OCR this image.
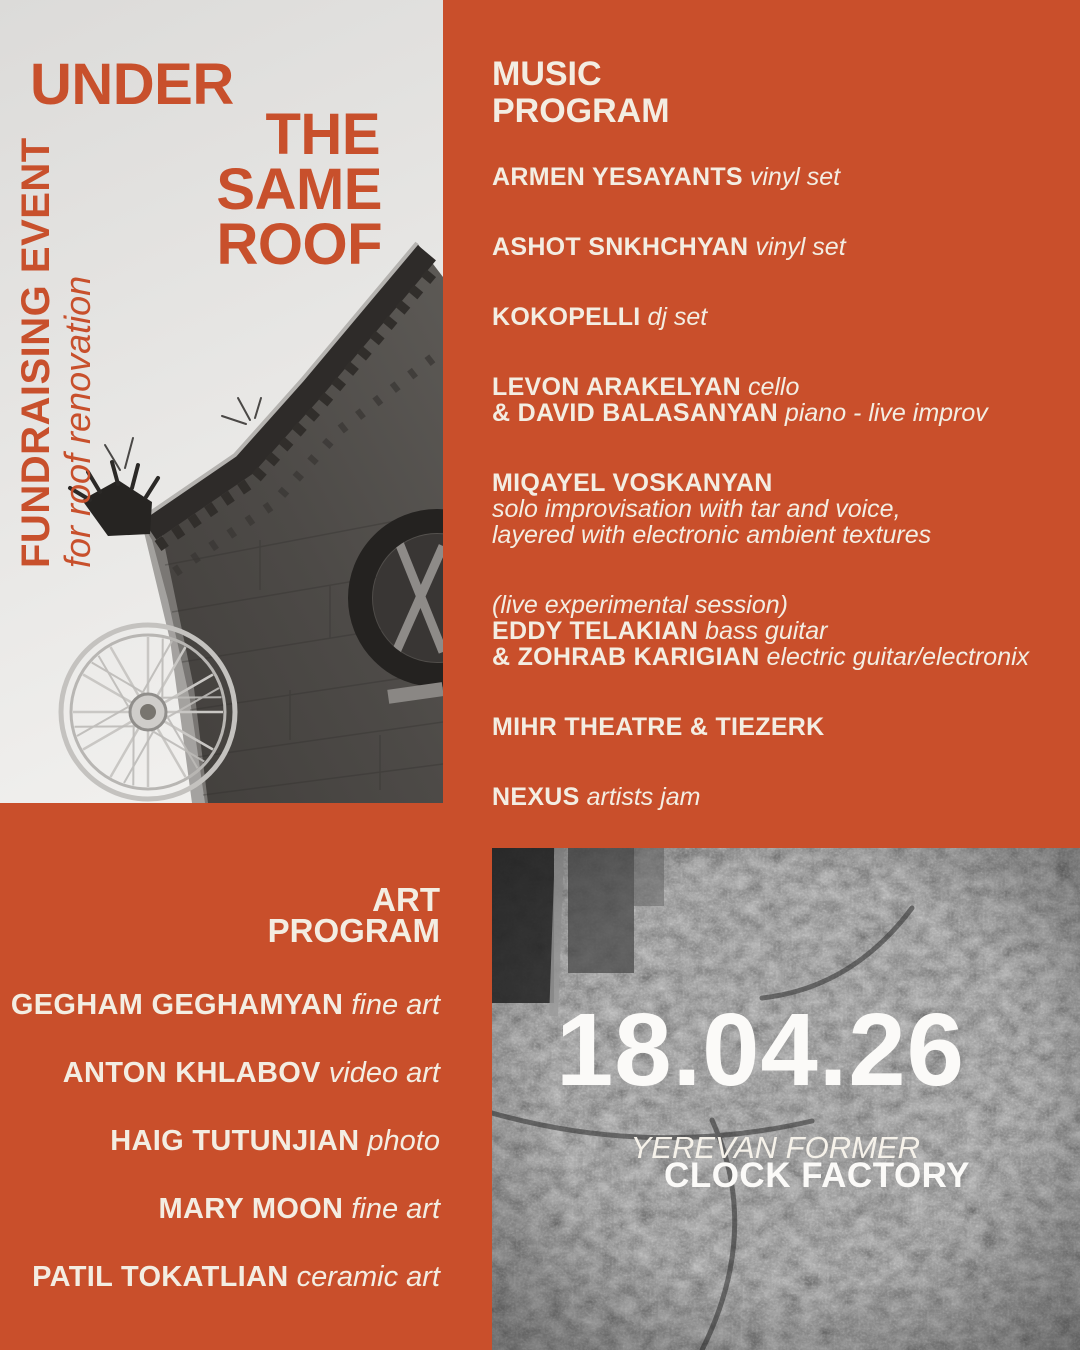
UNDER
THE
SAME
ROOF
FUNDRAISING EVENT for roof renovation
MUSIC
PROGRAM
ARMEN YESAYANTS vinyl set
ASHOT SNKHCHYAN vinyl set
KOKOPELLI dj set
LEVON ARAKELYAN cello
& DAVID BALASANYAN piano - live improv
MIQAYEL VOSKANYAN
solo improvisation with tar and voice,
layered with electronic ambient textures
(live experimental session)
EDDY TELAKIAN bass guitar
& ZOHRAB KARIGIAN electric guitar/electronix
MIHR THEATRE & TIEZERK
NEXUS artists jam
ART
PROGRAM
GEGHAM GEGHAMYAN fine art
ANTON KHLABOV video art
HAIG TUTUNJIAN photo
MARY MOON fine art
PATIL TOKATLIAN ceramic art
18.04.26
YEREVAN FORMER
CLOCK FACTORY
